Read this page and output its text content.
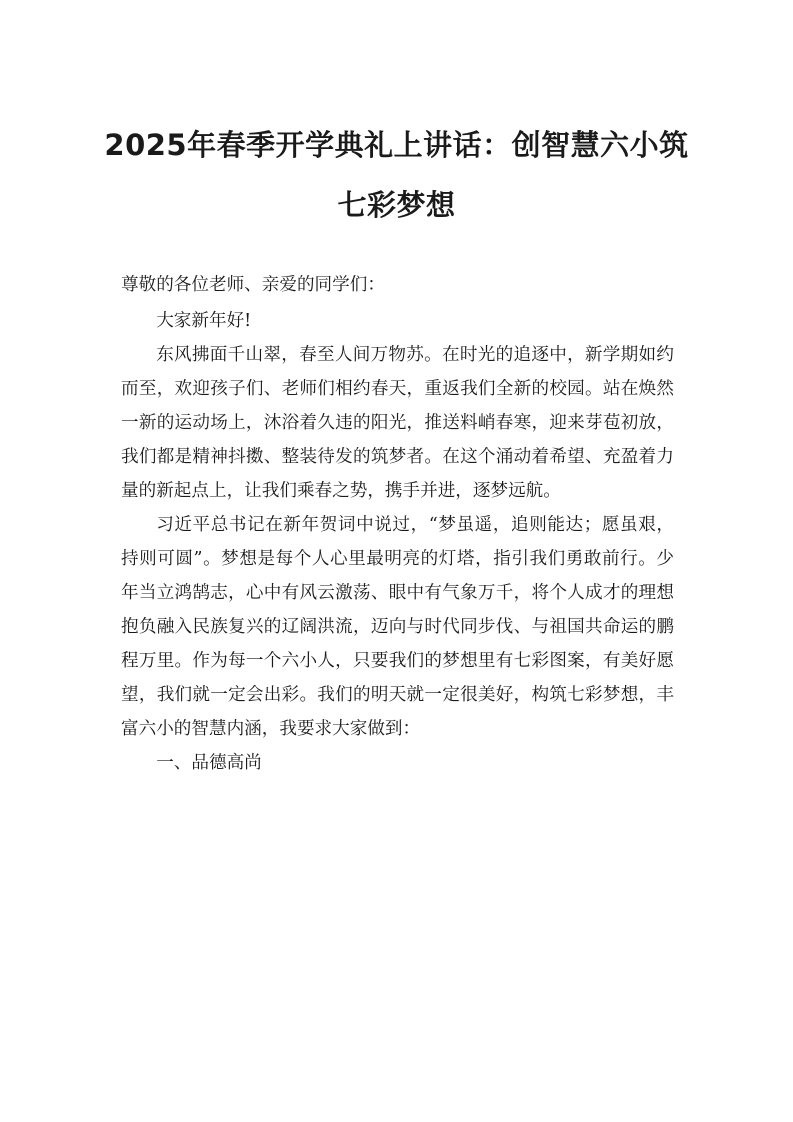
2025年春季开学典礼上讲话：创智慧六小筑
七彩梦想

尊敬的各位老师、亲爱的同学们：

大家新年好!

东风拂面千山翠，春至人间万物苏。在时光的追逐中，新学期如约而至，欢迎孩子们、老师们相约春天，重返我们全新的校园。站在焕然一新的运动场上，沐浴着久违的阳光，推送料峭春寒，迎来芽苞初放，我们都是精神抖擞、整装待发的筑梦者。在这个涌动着希望、充盈着力量的新起点上，让我们乘春之势，携手并进，逐梦远航。

习近平总书记在新年贺词中说过，“梦虽遥，追则能达；愿虽艰，持则可圆”。梦想是每个人心里最明亮的灯塔，指引我们勇敢前行。少年当立鸿鹄志，心中有风云激荡、眼中有气象万千，将个人成才的理想抱负融入民族复兴的辽阔洪流，迈向与时代同步伐、与祖国共命运的鹏程万里。作为每一个六小人，只要我们的梦想里有七彩图案，有美好愿望，我们就一定会出彩。我们的明天就一定很美好，构筑七彩梦想，丰富六小的智慧内涵，我要求大家做到：

一、品德高尚
